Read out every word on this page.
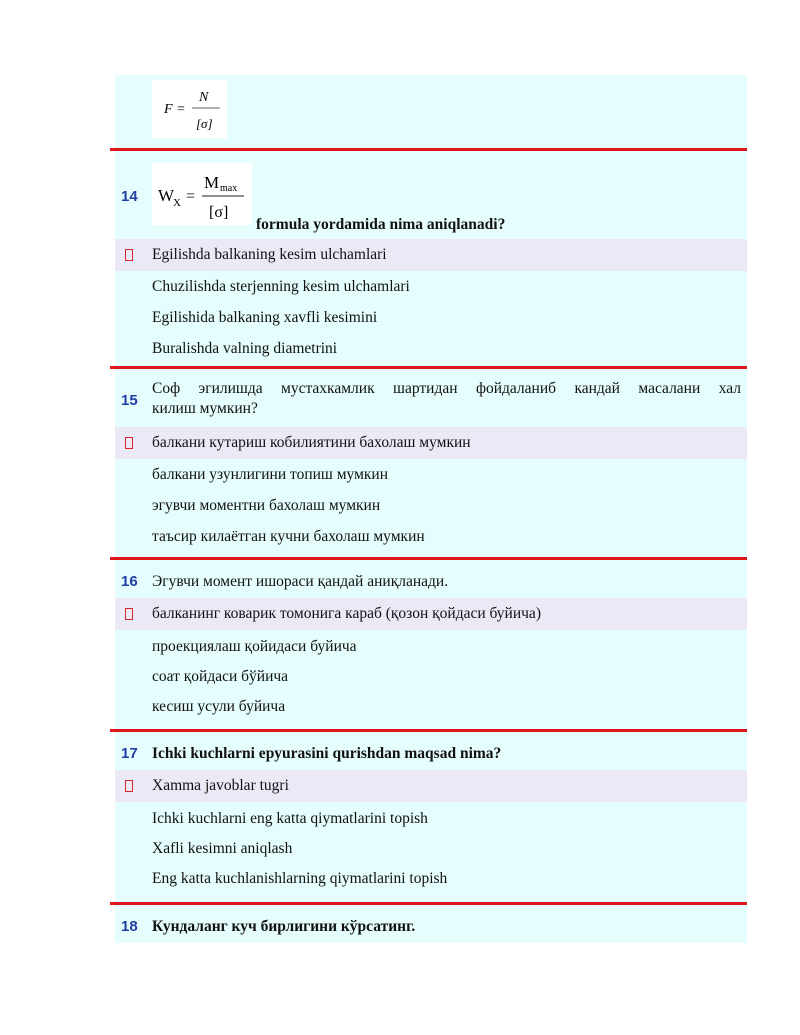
F =
N
[σ]
14 W
X =
M max
[σ]
formula yordamida nima aniqlanadi?
Egilishda balkaning kesim ulchamlari
Chuzilishda sterjenning kesim ulchamlari
Egilishida balkaning xavfli kesimini
Buralishda valning diametrini
15
Соф эгилишда мустахкамлик шартидан фойдаланиб кандай масалани хал
килиш мумкин?
балкани кутариш кобилиятини бахолаш мумкин
балкани узунлигини топиш мумкин
эгувчи моментни бахолаш мумкин
таъсир килаётган кучни бахолаш мумкин
16 Эгувчи момент ишораси қандай аниқланади.
балканинг коварик томонига караб (қозон қойдаси буйича)
проекциялаш қойидаси буйича
соат қойдаси бўйича
кесиш усули буйича
17 Ichki kuchlarni epyurasini qurishdan maqsad nima?
Xamma javoblar tugri
Ichki kuchlarni eng katta qiymatlarini topish
Xafli kesimni aniqlash
Eng katta kuchlanishlarning qiymatlarini topish
18 Кундаланг куч бирлигини кўрсатинг.
